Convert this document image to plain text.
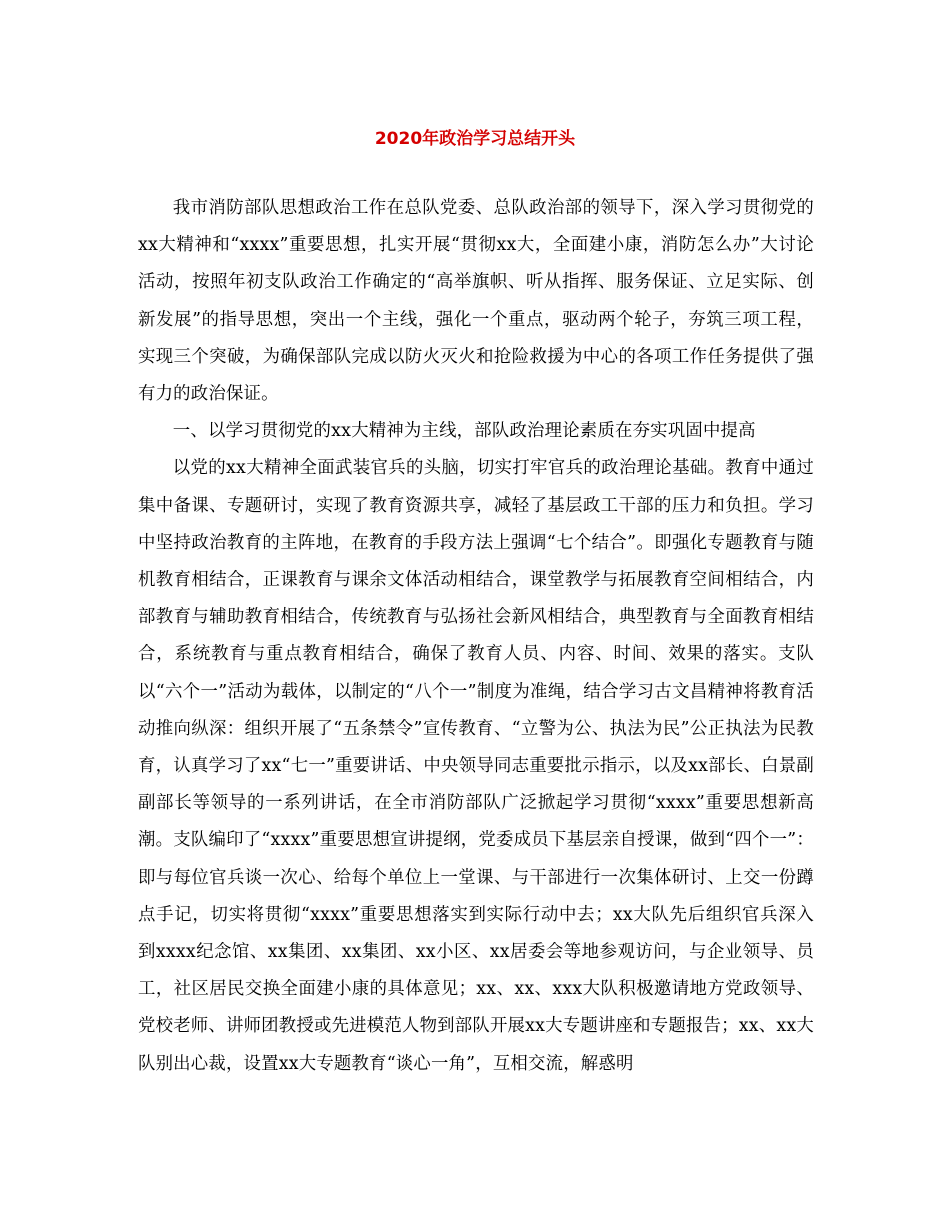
2020年政治学习总结开头

我市消防部队思想政治工作在总队党委、总队政治部的领导下，深入学习贯彻党的xx大精神和“xxxx”重要思想，扎实开展“贯彻xx大，全面建小康，消防怎么办”大讨论活动，按照年初支队政治工作确定的“高举旗帜、听从指挥、服务保证、立足实际、创新发展”的指导思想，突出一个主线，强化一个重点，驱动两个轮子，夯筑三项工程，实现三个突破，为确保部队完成以防火灭火和抢险救援为中心的各项工作任务提供了强有力的政治保证。

一、以学习贯彻党的xx大精神为主线，部队政治理论素质在夯实巩固中提高

以党的xx大精神全面武装官兵的头脑，切实打牢官兵的政治理论基础。教育中通过集中备课、专题研讨，实现了教育资源共享，减轻了基层政工干部的压力和负担。学习中坚持政治教育的主阵地，在教育的手段方法上强调“七个结合”。即强化专题教育与随机教育相结合，正课教育与课余文体活动相结合，课堂教学与拓展教育空间相结合，内部教育与辅助教育相结合，传统教育与弘扬社会新风相结合，典型教育与全面教育相结合，系统教育与重点教育相结合，确保了教育人员、内容、时间、效果的落实。支队以“六个一”活动为载体，以制定的“八个一”制度为准绳，结合学习古文昌精神将教育活动推向纵深：组织开展了“五条禁令”宣传教育、“立警为公、执法为民”公正执法为民教育，认真学习了xx“七一”重要讲话、中央领导同志重要批示指示，以及xx部长、白景副副部长等领导的一系列讲话，在全市消防部队广泛掀起学习贯彻“xxxx”重要思想新高潮。支队编印了“xxxx”重要思想宣讲提纲，党委成员下基层亲自授课，做到“四个一”：即与每位官兵谈一次心、给每个单位上一堂课、与干部进行一次集体研讨、上交一份蹲点手记，切实将贯彻“xxxx”重要思想落实到实际行动中去；xx大队先后组织官兵深入到xxxx纪念馆、xx集团、xx集团、xx小区、xx居委会等地参观访问，与企业领导、员工，社区居民交换全面建小康的具体意见；xx、xx、xxx大队积极邀请地方党政领导、党校老师、讲师团教授或先进模范人物到部队开展xx大专题讲座和专题报告；xx、xx大队别出心裁，设置xx大专题教育“谈心一角”，互相交流，解惑明
